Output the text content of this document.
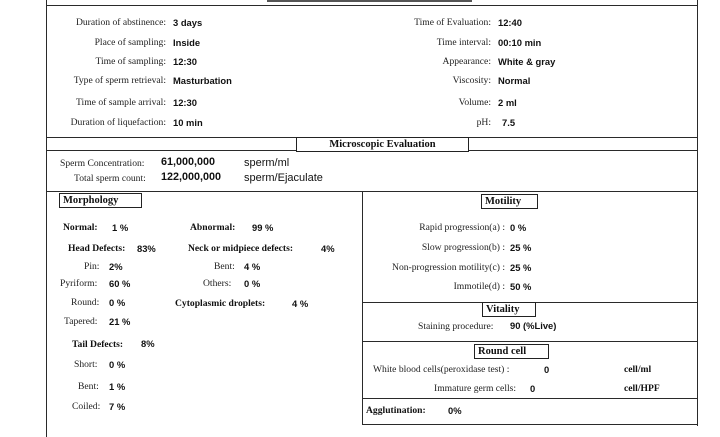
Duration of abstinence: 3 days
Place of sampling: Inside
Time of sampling: 12:30
Type of sperm retrieval: Masturbation
Time of sample arrival: 12:30
Duration of liquefaction: 10 min
Time of Evaluation: 12:40
Time interval: 00:10 min
Appearance: White & gray
Viscosity: Normal
Volume: 2 ml
pH: 7.5
Microscopic Evaluation
Sperm Concentration: 61,000,000	sperm/ml
Total sperm count: 122,000,000 sperm/Ejaculate
Morphology
Normal: 1 %	Abnormal: 99 %
Head Defects: 83%	Neck or midpiece defects:	4%
Pin: 2%	Bent: 4 %
Pyriform: 60 %	Others: 0 %
Round: 0 %	Cytoplasmic droplets:	4 %
Tapered: 21 %
Tail Defects: 8%
Short: 0 %
Bent: 1 %
Coiled: 7 %
Motility
Rapid progression(a) : 0 %
Slow progression(b) : 25 %
Non-progression motility(c) : 25 %
Immotile(d) : 50 %
Vitality
Staining procedure: 90 (%Live)
Round cell
White blood cells(peroxidase test) :	0	cell/ml
Immature germ cells: 0	cell/HPF
Agglutination: 0%
